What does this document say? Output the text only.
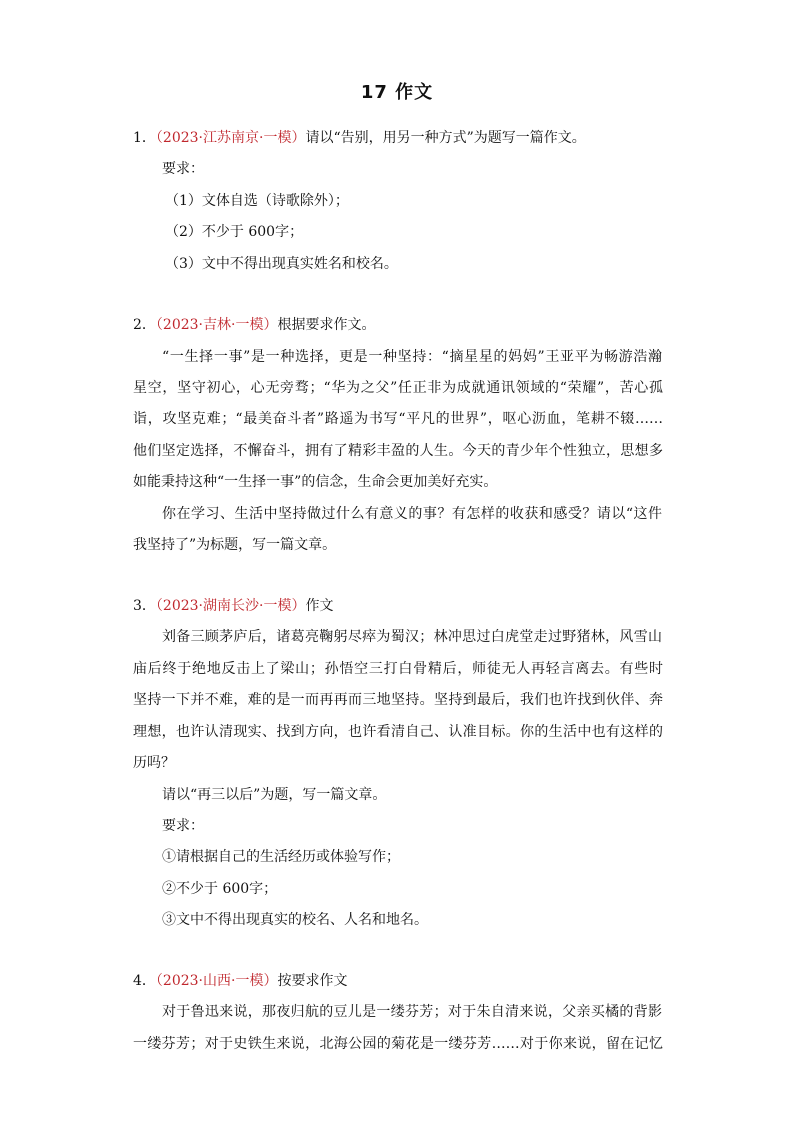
17 作文
1．（2023·江苏南京·一模）请以“告别，用另一种方式”为题写一篇作文。
要求：
（1）文体自选（诗歌除外）；
（2）不少于 600字；
（3）文中不得出现真实姓名和校名。
2．（2023·吉林·一模）根据要求作文。
“一生择一事”是一种选择，更是一种坚持：“摘星星的妈妈”王亚平为畅游浩瀚
星空，坚守初心，心无旁骛；“华为之父”任正非为成就通讯领域的“荣耀”，苦心孤
诣，攻坚克难；“最美奋斗者”路遥为书写“平凡的世界”，呕心沥血，笔耕不辍……
他们坚定选择，不懈奋斗，拥有了精彩丰盈的人生。今天的青少年个性独立，思想多
如能秉持这种“一生择一事”的信念，生命会更加美好充实。
你在学习、生活中坚持做过什么有意义的事？有怎样的收获和感受？请以“这件
我坚持了”为标题，写一篇文章。
3．（2023·湖南长沙·一模）作文
刘备三顾茅庐后，诸葛亮鞠躬尽瘁为蜀汉；林冲思过白虎堂走过野猪林，风雪山
庙后终于绝地反击上了梁山；孙悟空三打白骨精后，师徒无人再轻言离去。有些时
坚持一下并不难，难的是一而再再而三地坚持。坚持到最后，我们也许找到伙伴、奔
理想，也许认清现实、找到方向，也许看清自己、认准目标。你的生活中也有这样的
历吗？
请以“再三以后”为题，写一篇文章。
要求：
①请根据自己的生活经历或体验写作；
②不少于 600字；
③文中不得出现真实的校名、人名和地名。
4．（2023·山西·一模）按要求作文
对于鲁迅来说，那夜归航的豆儿是一缕芬芳；对于朱自清来说，父亲买橘的背影
一缕芬芳；对于史铁生来说，北海公园的菊花是一缕芬芳……对于你来说，留在记忆
